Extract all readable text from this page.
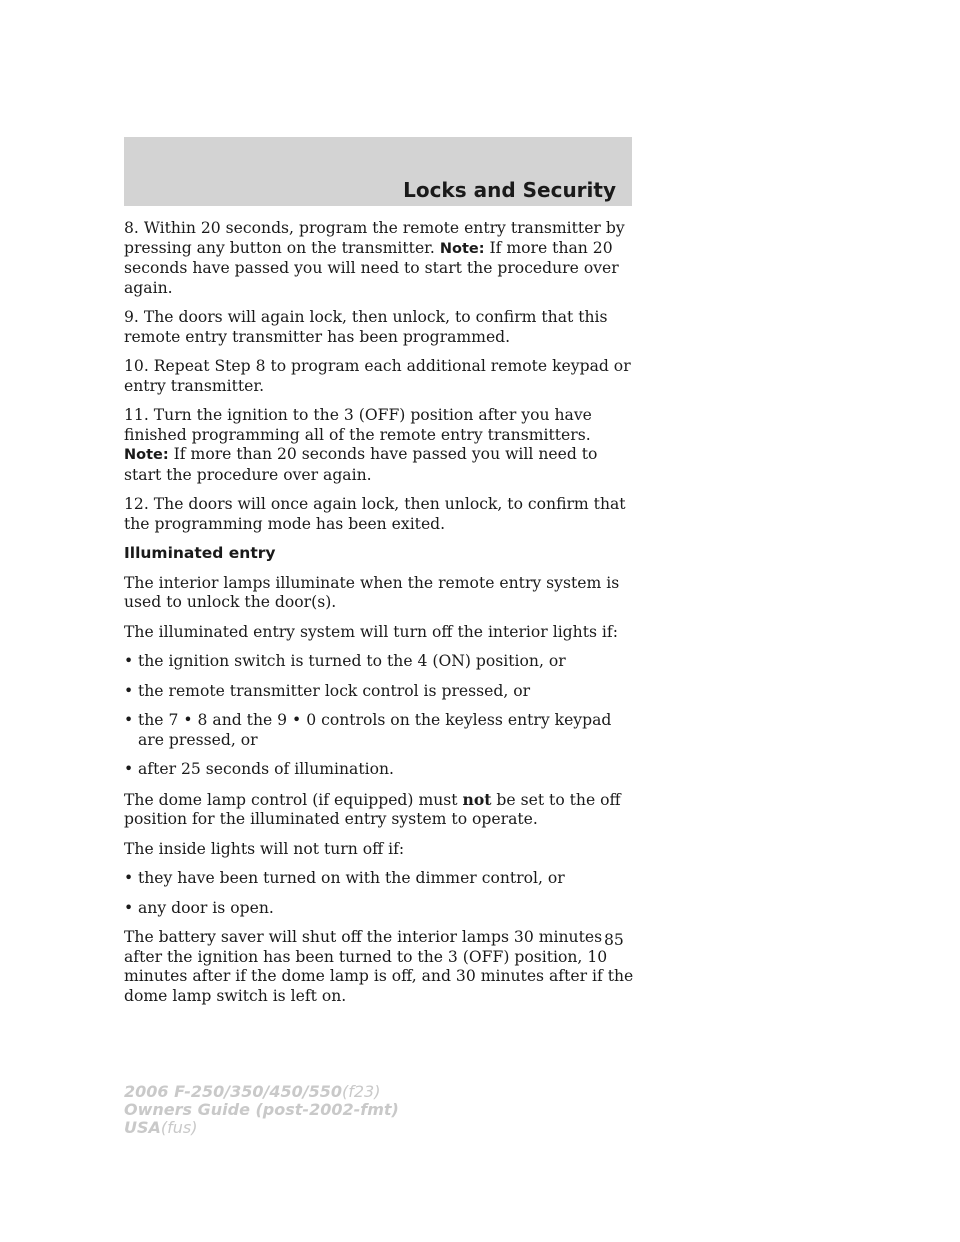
Locks and Security

8. Within 20 seconds, program the remote entry transmitter by pressing any button on the transmitter. Note: If more than 20 seconds have passed you will need to start the procedure over again.

9. The doors will again lock, then unlock, to confirm that this remote entry transmitter has been programmed.

10. Repeat Step 8 to program each additional remote keypad or entry transmitter.

11. Turn the ignition to the 3 (OFF) position after you have finished programming all of the remote entry transmitters. Note: If more than 20 seconds have passed you will need to start the procedure over again.

12. The doors will once again lock, then unlock, to confirm that the programming mode has been exited.

Illuminated entry

The interior lamps illuminate when the remote entry system is used to unlock the door(s).

The illuminated entry system will turn off the interior lights if:

• the ignition switch is turned to the 4 (ON) position, or
• the remote transmitter lock control is pressed, or
• the 7 • 8 and the 9 • 0 controls on the keyless entry keypad are pressed, or
• after 25 seconds of illumination.

The dome lamp control (if equipped) must not be set to the off position for the illuminated entry system to operate.

The inside lights will not turn off if:

• they have been turned on with the dimmer control, or
• any door is open.

The battery saver will shut off the interior lamps 30 minutes after the ignition has been turned to the 3 (OFF) position, 10 minutes after if the dome lamp is off, and 30 minutes after if the dome lamp switch is left on.

85
2006 F-250/350/450/550(f23)
Owners Guide (post-2002-fmt)
USA(fus)
